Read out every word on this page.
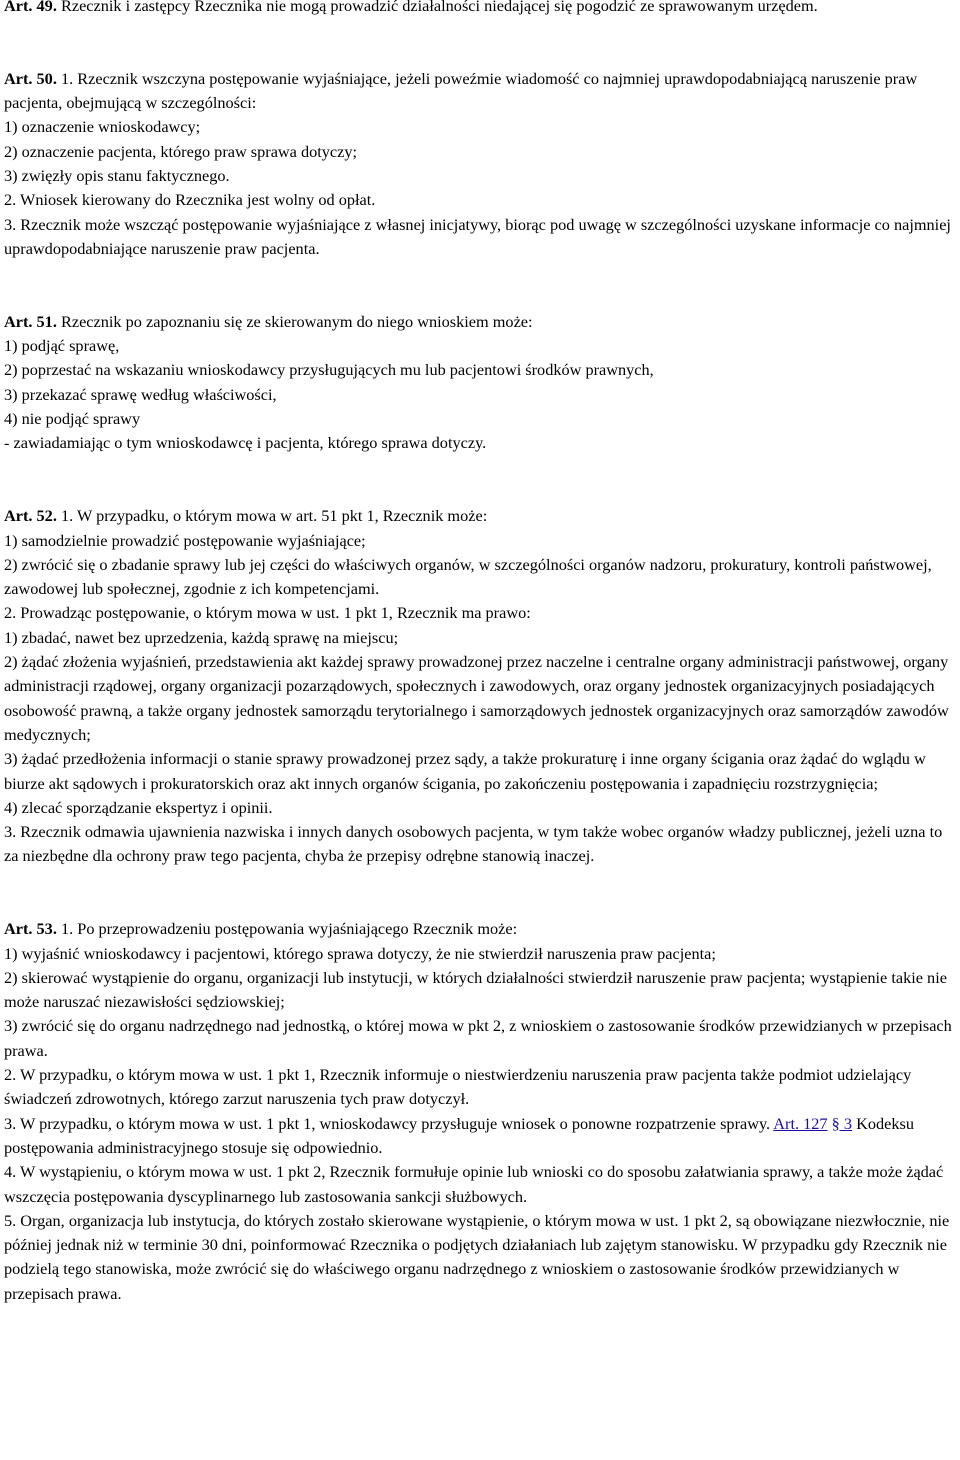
Art. 49. Rzecznik i zastępcy Rzecznika nie mogą prowadzić działalności niedającej się pogodzić ze sprawowanym urzędem.

Art. 50. 1. Rzecznik wszczyna postępowanie wyjaśniające, jeżeli poweźmie wiadomość co najmniej uprawdopodabniającą naruszenie praw pacjenta, obejmującą w szczególności:

1) oznaczenie wnioskodawcy;

2) oznaczenie pacjenta, którego praw sprawa dotyczy;

3) zwięzły opis stanu faktycznego.

2. Wniosek kierowany do Rzecznika jest wolny od opłat.

3. Rzecznik może wszcząć postępowanie wyjaśniające z własnej inicjatywy, biorąc pod uwagę w szczególności uzyskane informacje co najmniej uprawdopodabniające naruszenie praw pacjenta.

Art. 51. Rzecznik po zapoznaniu się ze skierowanym do niego wnioskiem może:

1) podjąć sprawę,

2) poprzestać na wskazaniu wnioskodawcy przysługujących mu lub pacjentowi środków prawnych,

3) przekazać sprawę według właściwości,

4) nie podjąć sprawy

- zawiadamiając o tym wnioskodawcę i pacjenta, którego sprawa dotyczy.

Art. 52. 1. W przypadku, o którym mowa w art. 51 pkt 1, Rzecznik może:

1) samodzielnie prowadzić postępowanie wyjaśniające;

2) zwrócić się o zbadanie sprawy lub jej części do właściwych organów, w szczególności organów nadzoru, prokuratury, kontroli państwowej, zawodowej lub społecznej, zgodnie z ich kompetencjami.

2. Prowadząc postępowanie, o którym mowa w ust. 1 pkt 1, Rzecznik ma prawo:

1) zbadać, nawet bez uprzedzenia, każdą sprawę na miejscu;

2) żądać złożenia wyjaśnień, przedstawienia akt każdej sprawy prowadzonej przez naczelne i centralne organy administracji państwowej, organy administracji rządowej, organy organizacji pozarządowych, społecznych i zawodowych, oraz organy jednostek organizacyjnych posiadających osobowość prawną, a także organy jednostek samorządu terytorialnego i samorządowych jednostek organizacyjnych oraz samorządów zawodów medycznych;

3) żądać przedłożenia informacji o stanie sprawy prowadzonej przez sądy, a także prokuraturę i inne organy ścigania oraz żądać do wglądu w biurze akt sądowych i prokuratorskich oraz akt innych organów ścigania, po zakończeniu postępowania i zapadnięciu rozstrzygnięcia;

4) zlecać sporządzanie ekspertyz i opinii.

3. Rzecznik odmawia ujawnienia nazwiska i innych danych osobowych pacjenta, w tym także wobec organów władzy publicznej, jeżeli uzna to za niezbędne dla ochrony praw tego pacjenta, chyba że przepisy odrębne stanowią inaczej.

Art. 53. 1. Po przeprowadzeniu postępowania wyjaśniającego Rzecznik może:

1) wyjaśnić wnioskodawcy i pacjentowi, którego sprawa dotyczy, że nie stwierdził naruszenia praw pacjenta;

2) skierować wystąpienie do organu, organizacji lub instytucji, w których działalności stwierdził naruszenie praw pacjenta; wystąpienie takie nie może naruszać niezawisłości sędziowskiej;

3) zwrócić się do organu nadrzędnego nad jednostką, o której mowa w pkt 2, z wnioskiem o zastosowanie środków przewidzianych w przepisach prawa.

2. W przypadku, o którym mowa w ust. 1 pkt 1, Rzecznik informuje o niestwierdzeniu naruszenia praw pacjenta także podmiot udzielający świadczeń zdrowotnych, którego zarzut naruszenia tych praw dotyczył.

3. W przypadku, o którym mowa w ust. 1 pkt 1, wnioskodawcy przysługuje wniosek o ponowne rozpatrzenie sprawy. Art. 127 § 3 Kodeksu postępowania administracyjnego stosuje się odpowiednio.

4. W wystąpieniu, o którym mowa w ust. 1 pkt 2, Rzecznik formułuje opinie lub wnioski co do sposobu załatwiania sprawy, a także może żądać wszczęcia postępowania dyscyplinarnego lub zastosowania sankcji służbowych.

5. Organ, organizacja lub instytucja, do których zostało skierowane wystąpienie, o którym mowa w ust. 1 pkt 2, są obowiązane niezwłocznie, nie później jednak niż w terminie 30 dni, poinformować Rzecznika o podjętych działaniach lub zajętym stanowisku. W przypadku gdy Rzecznik nie podzielą tego stanowiska, może zwrócić się do właściwego organu nadrzędnego z wnioskiem o zastosowanie środków przewidzianych w przepisach prawa.
